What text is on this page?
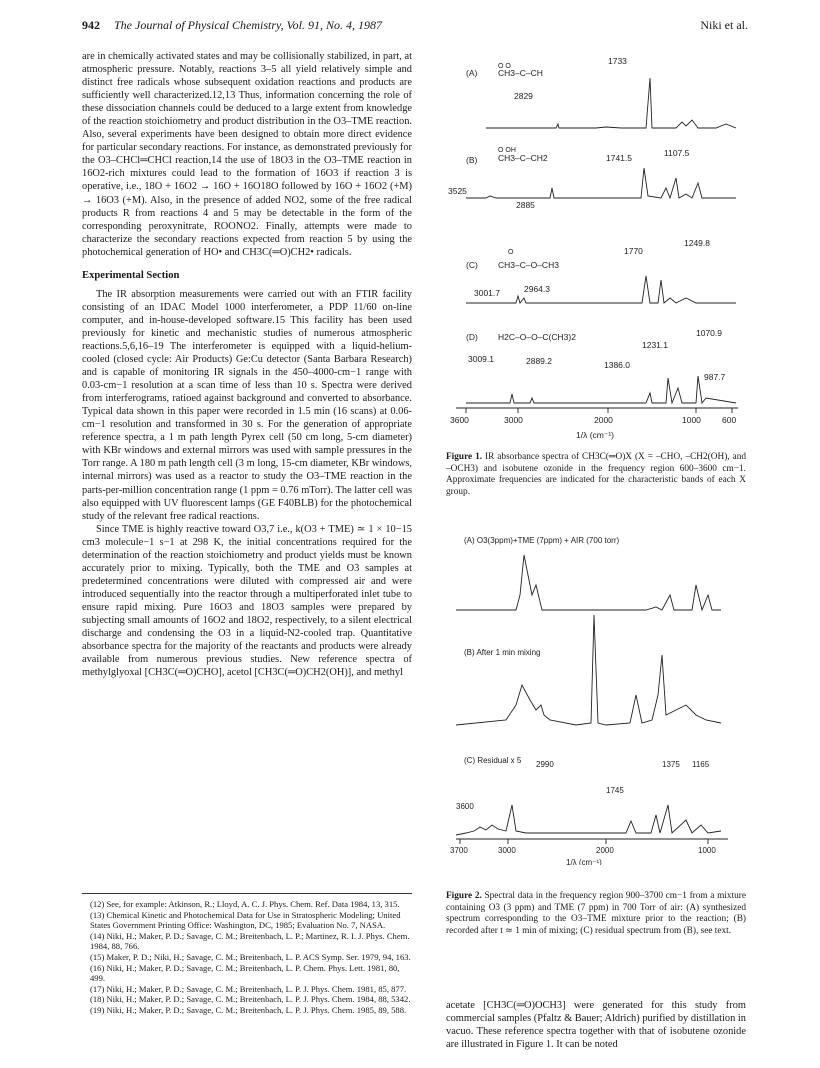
942 The Journal of Physical Chemistry, Vol. 91, No. 4, 1987	Niki et al.

are in chemically activated states and may be collisionally stabilized, in part, at atmospheric pressure. Notably, reactions 3–5 all yield relatively simple and distinct free radicals whose subsequent oxidation reactions and products are sufficiently well characterized.12,13 Thus, information concerning the role of these dissociation channels could be deduced to a large extent from knowledge of the reaction stoichiometry and product distribution in the O3–TME reaction. Also, several experiments have been designed to obtain more direct evidence for particular secondary reactions. For instance, as demonstrated previously for the O3–CHCl═CHCl reaction,14 the use of 18O3 in the O3–TME reaction in 16O2-rich mixtures could lead to the formation of 16O3 if reaction 3 is operative, i.e., 18O + 16O2 → 16O + 16O18O followed by 16O + 16O2 (+M) → 16O3 (+M). Also, in the presence of added NO2, some of the free radical products R from reactions 4 and 5 may be detectable in the form of the corresponding peroxynitrate, ROONO2. Finally, attempts were made to characterize the secondary reactions expected from reaction 5 by using the photochemical generation of HO• and CH3C(═O)CH2• radicals.

Experimental Section

The IR absorption measurements were carried out with an FTIR facility consisting of an IDAC Model 1000 interferometer, a PDP 11/60 on-line computer, and in-house-developed software.15 This facility has been used previously for kinetic and mechanistic studies of numerous atmospheric reactions.5,6,16–19 The interferometer is equipped with a liquid-helium-cooled (closed cycle: Air Products) Ge:Cu detector (Santa Barbara Research) and is capable of monitoring IR signals in the 450–4000-cm−1 range with 0.03-cm−1 resolution at a scan time of less than 10 s. Spectra were derived from interferograms, ratioed against background and converted to absorbance. Typical data shown in this paper were recorded in 1.5 min (16 scans) at 0.06-cm−1 resolution and transformed in 30 s. For the generation of appropriate reference spectra, a 1 m path length Pyrex cell (50 cm long, 5-cm diameter) with KBr windows and external mirrors was used with sample pressures in the Torr range. A 180 m path length cell (3 m long, 15-cm diameter, KBr windows, internal mirrors) was used as a reactor to study the O3–TME reaction in the parts-per-million concentration range (1 ppm = 0.76 mTorr). The latter cell was also equipped with UV fluorescent lamps (GE F40BLB) for the photochemical study of the relevant free radical reactions.

Since TME is highly reactive toward O3,7 i.e., k(O3 + TME) ≃ 1 × 10−15 cm3 molecule−1 s−1 at 298 K, the initial concentrations required for the determination of the reaction stoichiometry and product yields must be known accurately prior to mixing. Typically, both the TME and O3 samples at predetermined concentrations were diluted with compressed air and were introduced sequentially into the reactor through a multiperforated inlet tube to ensure rapid mixing. Pure 16O3 and 18O3 samples were prepared by subjecting small amounts of 16O2 and 18O2, respectively, to a silent electrical discharge and condensing the O3 in a liquid-N2-cooled trap. Quantitative absorbance spectra for the majority of the reactants and products were already available from numerous previous studies. New reference spectra of methylglyoxal [CH3C(═O)CHO], acetol [CH3C(═O)CH2(OH)], and methyl

(12) See, for example: Atkinson, R.; Lloyd, A. C. J. Phys. Chem. Ref. Data 1984, 13, 315.
(13) Chemical Kinetic and Photochemical Data for Use in Stratospheric Modeling; United States Government Printing Office: Washington, DC, 1985; Evaluation No. 7, NASA.
(14) Niki, H.; Maker, P. D.; Savage, C. M.; Breitenbach, L. P.; Martinez, R. I. J. Phys. Chem. 1984, 88, 766.
(15) Maker, P. D.; Niki, H.; Savage, C. M.; Breitenbach, L. P. ACS Symp. Ser. 1979, 94, 163.
(16) Niki, H.; Maker, P. D.; Savage, C. M.; Breitenbach, L. P. Chem. Phys. Lett. 1981, 80, 499.
(17) Niki, H.; Maker, P. D.; Savage, C. M.; Breitenbach, L. P. J. Phys. Chem. 1981, 85, 877.
(18) Niki, H.; Maker, P. D.; Savage, C. M.; Breitenbach, L. P. J. Phys. Chem. 1984, 88, 5342.
(19) Niki, H.; Maker, P. D.; Savage, C. M.; Breitenbach, L. P. J. Phys. Chem. 1985, 89, 588.
(A)
O O
CH3–C–CH
1733
2829
(B)
O OH
CH3–C–CH2	1741.5	1107.5
3525
2885
(C)
O
CH3–C–O–CH3
1770
1249.8
3001.7	2964.3
(D) H2C–O–O–C(CH3)2	1070.9
1231.1
3009.1	2889.2	1386.0
987.7
3600	3000	2000	1000 600
1/λ (cm⁻¹)
Figure 1. IR absorbance spectra of CH3C(═O)X (X = –CHO, –CH2(OH), and –OCH3) and isobutene ozonide in the frequency region 600–3600 cm−1. Approximate frequencies are indicated for the characteristic bands of each X group.
(A) O3(3ppm)+TME (7ppm) + AIR (700 torr)
(B) After 1 min mixing
(C) Residual x 5 2990	1375 1165
1745
3600
3700	3000	2000	1000
1/λ (cm⁻¹)
Figure 2. Spectral data in the frequency region 900–3700 cm−1 from a mixture containing O3 (3 ppm) and TME (7 ppm) in 700 Torr of air: (A) synthesized spectrum corresponding to the O3–TME mixture prior to the reaction; (B) recorded after t ≃ 1 min of mixing; (C) residual spectrum from (B), see text.
acetate [CH3C(═O)OCH3] were generated for this study from commercial samples (Pfaltz & Bauer; Aldrich) purified by distillation in vacuo. These reference spectra together with that of isobutene ozonide are illustrated in Figure 1. It can be noted
